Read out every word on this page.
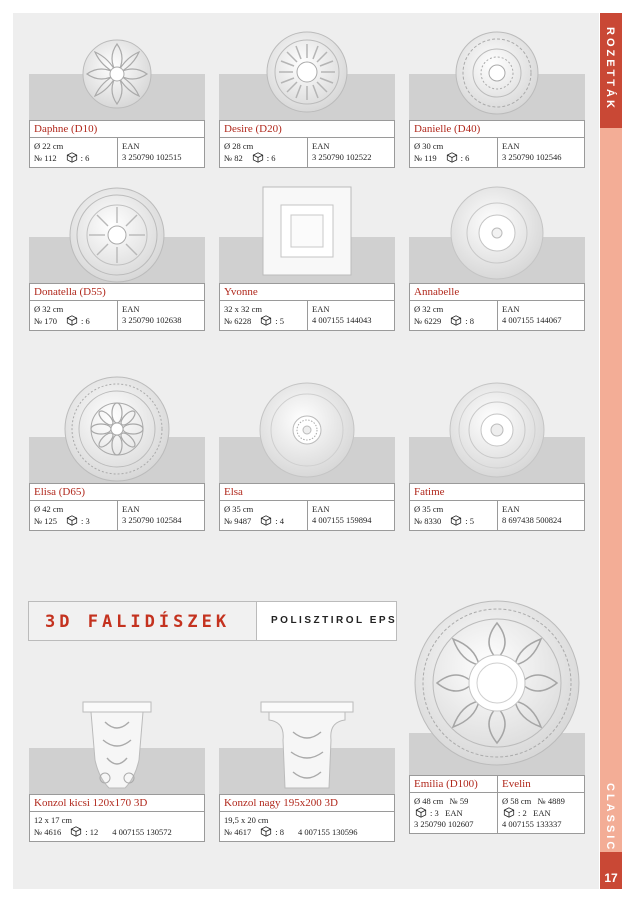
ROZETTÁK
CLASSIC
17
Daphne (D10)
Ø 22 cm
№ 112	: 6
EAN
3 250790 102515
Desire (D20)
Ø 28 cm
№ 82	: 6
EAN
3 250790 102522
Danielle (D40)
Ø 30 cm
№ 119	: 6
EAN
3 250790 102546
Donatella (D55)
Ø 32 cm
№ 170	: 6
EAN
3 250790 102638
Yvonne
32 x 32 cm
№ 6228	: 5
EAN
4 007155 144043
Annabelle
Ø 32 cm
№ 6229	: 8
EAN
4 007155 144067
Elisa (D65)
Ø 42 cm
№ 125	: 3
EAN
3 250790 102584
Elsa
Ø 35 cm
№ 9487	: 4
EAN
4 007155 159894
Fatime
Ø 35 cm
№ 8330	: 5
EAN
8 697438 500824
3D FALIDÍSZEK	POLISZTIROL EPS
Konzol kicsi 120x170 3D
12 x 17 cm
№ 4616	: 12 4 007155 130572
Konzol nagy 195x200 3D
19,5 x 20 cm
№ 4617	: 8 4 007155 130596
Emilia (D100)	Evelin
Ø 48 cm № 59
: 3 EAN
3 250790 102607
Ø 58 cm № 4889
: 2 EAN
4 007155 133337
